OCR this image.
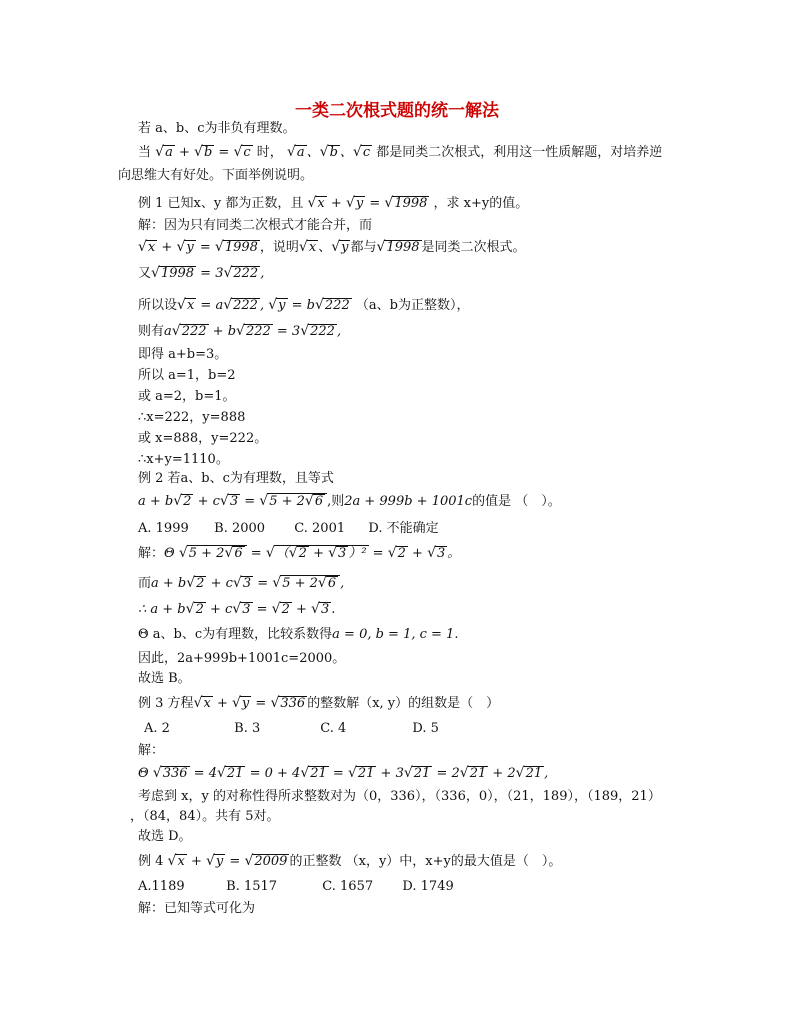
一类二次根式题的统一解法
若 a、b、c为非负有理数。
当 √a + √b = √c 时， √a 、√b 、√c 都是同类二次根式，利用这一性质解题，对培养逆
向思维大有好处。下面举例说明。
例 1 已知x、y 都为正数，且 √x + √y = √1998 ，求 x+y的值。
解：因为只有同类二次根式才能合并，而
√x + √y = √1998 ，说明√x 、√y 都与√1998 是同类二次根式。
又√1998 = 3√222 ,
所以设√x = a√222 , √y = b√222 （a、b为正整数），
则有a√222 + b√222 = 3√222 ,
即得 a+b=3。
所以 a=1，b=2
或 a=2，b=1。
∴x=222，y=888
或 x=888，y=222。
∴x+y=1110。
例 2 若a、b、c为有理数，且等式
a + b√2 + c√3 = √5 + 2√6 ,则2a + 999b + 1001c的值是 （　）。
A. 1999 B. 2000 C. 2001 D. 不能确定
解：Θ √5 + 2√6 = √（√2 + √3 ）² = √2 + √3 。
而a + b√2 + c√3 = √5 + 2√6 ,
∴ a + b√2 + c√3 = √2 + √3 .
Θ a、b、c为有理数，比较系数得a = 0, b = 1, c = 1.
因此，2a+999b+1001c=2000。
故选 B。
例 3 方程√x + √y = √336 的整数解（x, y）的组数是（　）
A. 2	B. 3	C. 4	D. 5
解：
Θ √336 = 4√21 = 0 + 4√21 = √21 + 3√21 = 2√21 + 2√21 ,
考虑到 x，y 的对称性得所求整数对为（0，336），（336，0），（21，189），（189，21）
，（84，84）。共有 5对。
故选 D。
例 4 √x + √y = √2009 的正整数 （x，y）中，x+y的最大值是（　）。
A.1189	B. 1517	C. 1657 D. 1749
解：已知等式可化为
